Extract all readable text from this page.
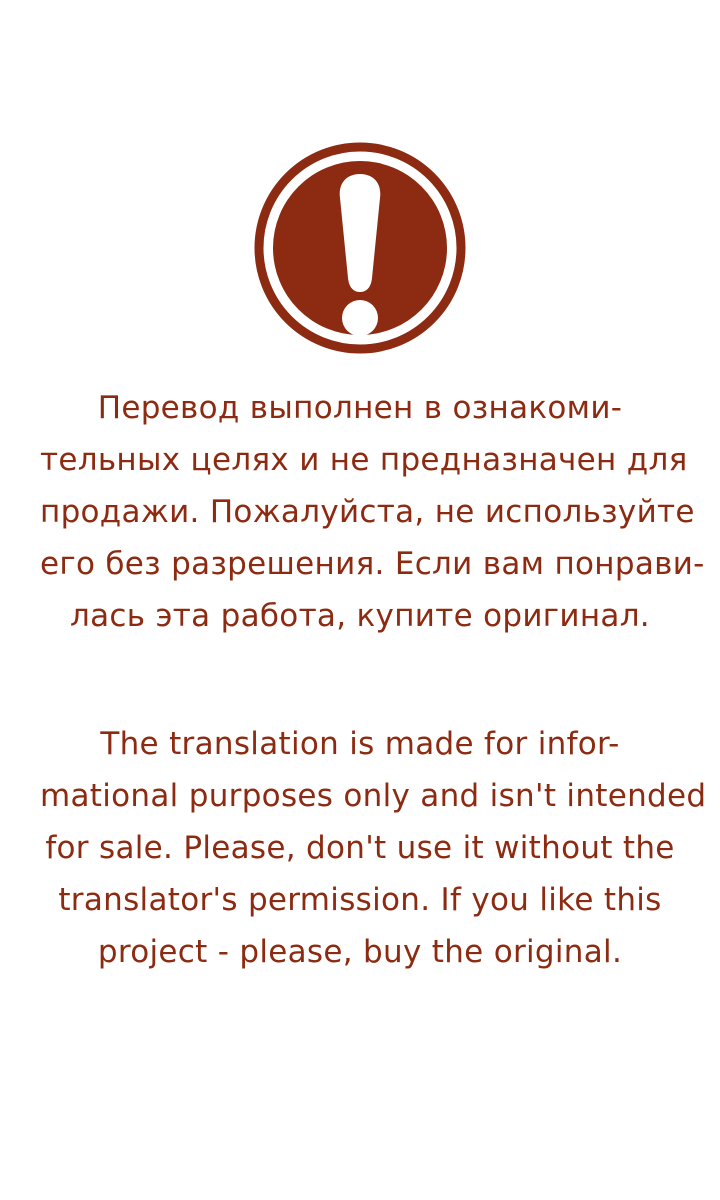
Перевод выполнен в ознакоми-
тельных целях и не предназначен для
продажи. Пожалуйста, не используйте
его без разрешения. Если вам понрави-
лась эта работа, купите оригинал.
The translation is made for infor-
mational purposes only and isn't intended
for sale. Please, don't use it without the
translator's permission. If you like this
project - please, buy the original.
